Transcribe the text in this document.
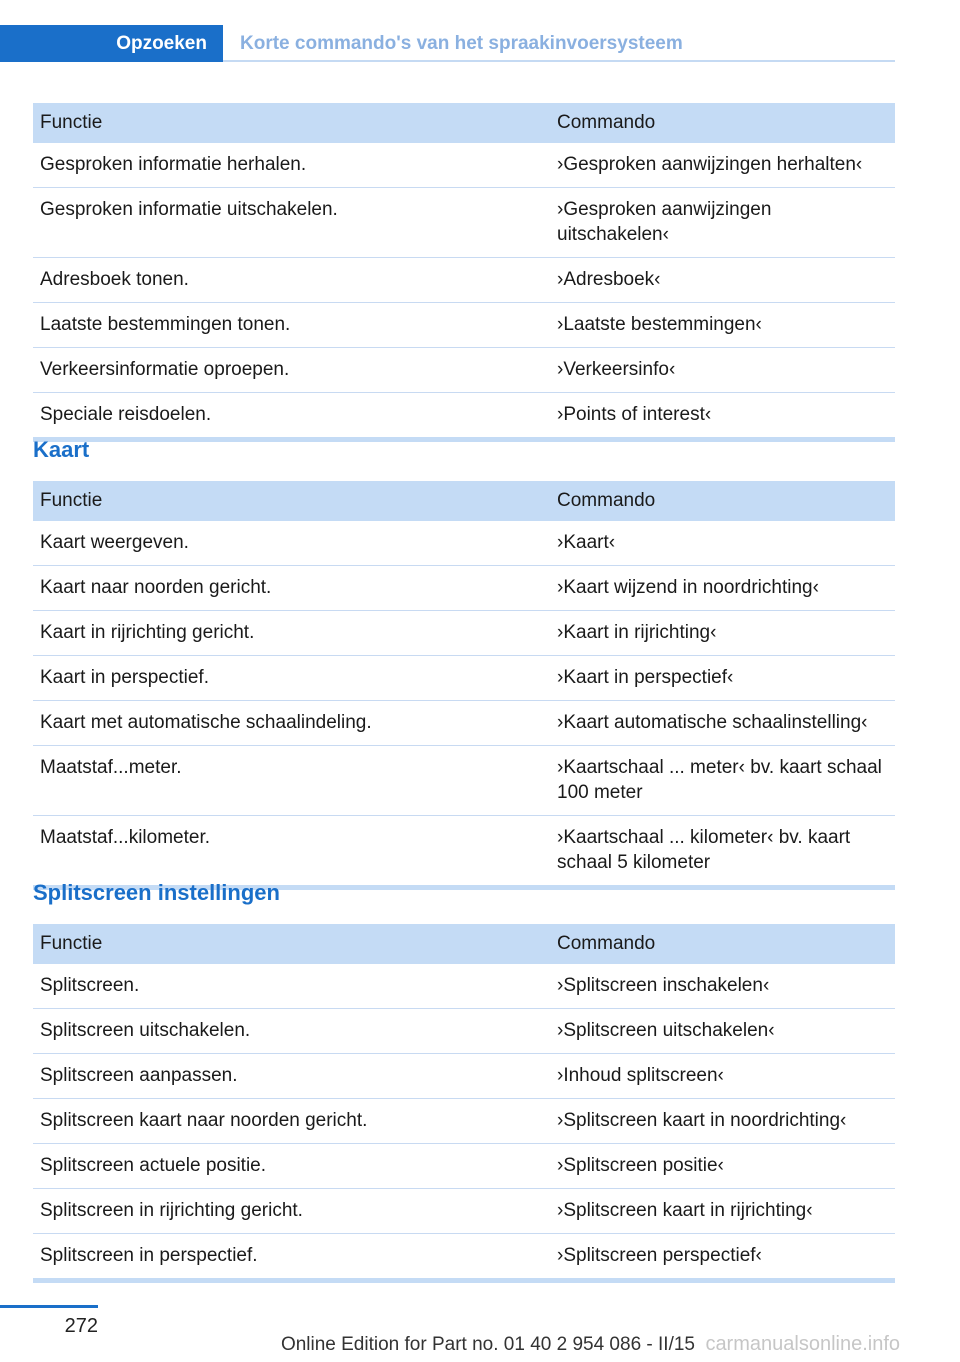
Opzoeken	Korte commando's van het spraakinvoersysteem
Functie	Commando
Gesproken informatie herhalen.	›Gesproken aanwijzingen herhalten‹
Gesproken informatie uitschakelen.	›Gesproken aanwijzingen uitschakelen‹
Adresboek tonen.	›Adresboek‹
Laatste bestemmingen tonen.	›Laatste bestemmingen‹
Verkeersinformatie oproepen.	›Verkeersinfo‹
Speciale reisdoelen.	›Points of interest‹
Kaart
Functie	Commando
Kaart weergeven.	›Kaart‹
Kaart naar noorden gericht.	›Kaart wijzend in noordrichting‹
Kaart in rijrichting gericht.	›Kaart in rijrichting‹
Kaart in perspectief.	›Kaart in perspectief‹
Kaart met automatische schaalindeling.	›Kaart automatische schaalinstelling‹
Maatstaf...meter.	›Kaartschaal ... meter‹ bv. kaart schaal 100 meter
Maatstaf...kilometer.	›Kaartschaal ... kilometer‹ bv. kaart schaal 5 kilometer
Splitscreen instellingen
Functie	Commando
Splitscreen.	›Splitscreen inschakelen‹
Splitscreen uitschakelen.	›Splitscreen uitschakelen‹
Splitscreen aanpassen.	›Inhoud splitscreen‹
Splitscreen kaart naar noorden gericht.	›Splitscreen kaart in noordrichting‹
Splitscreen actuele positie.	›Splitscreen positie‹
Splitscreen in rijrichting gericht.	›Splitscreen kaart in rijrichting‹
Splitscreen in perspectief.	›Splitscreen perspectief‹
272
Online Edition for Part no. 01 40 2 954 086 - II/15 carmanualsonline.info
